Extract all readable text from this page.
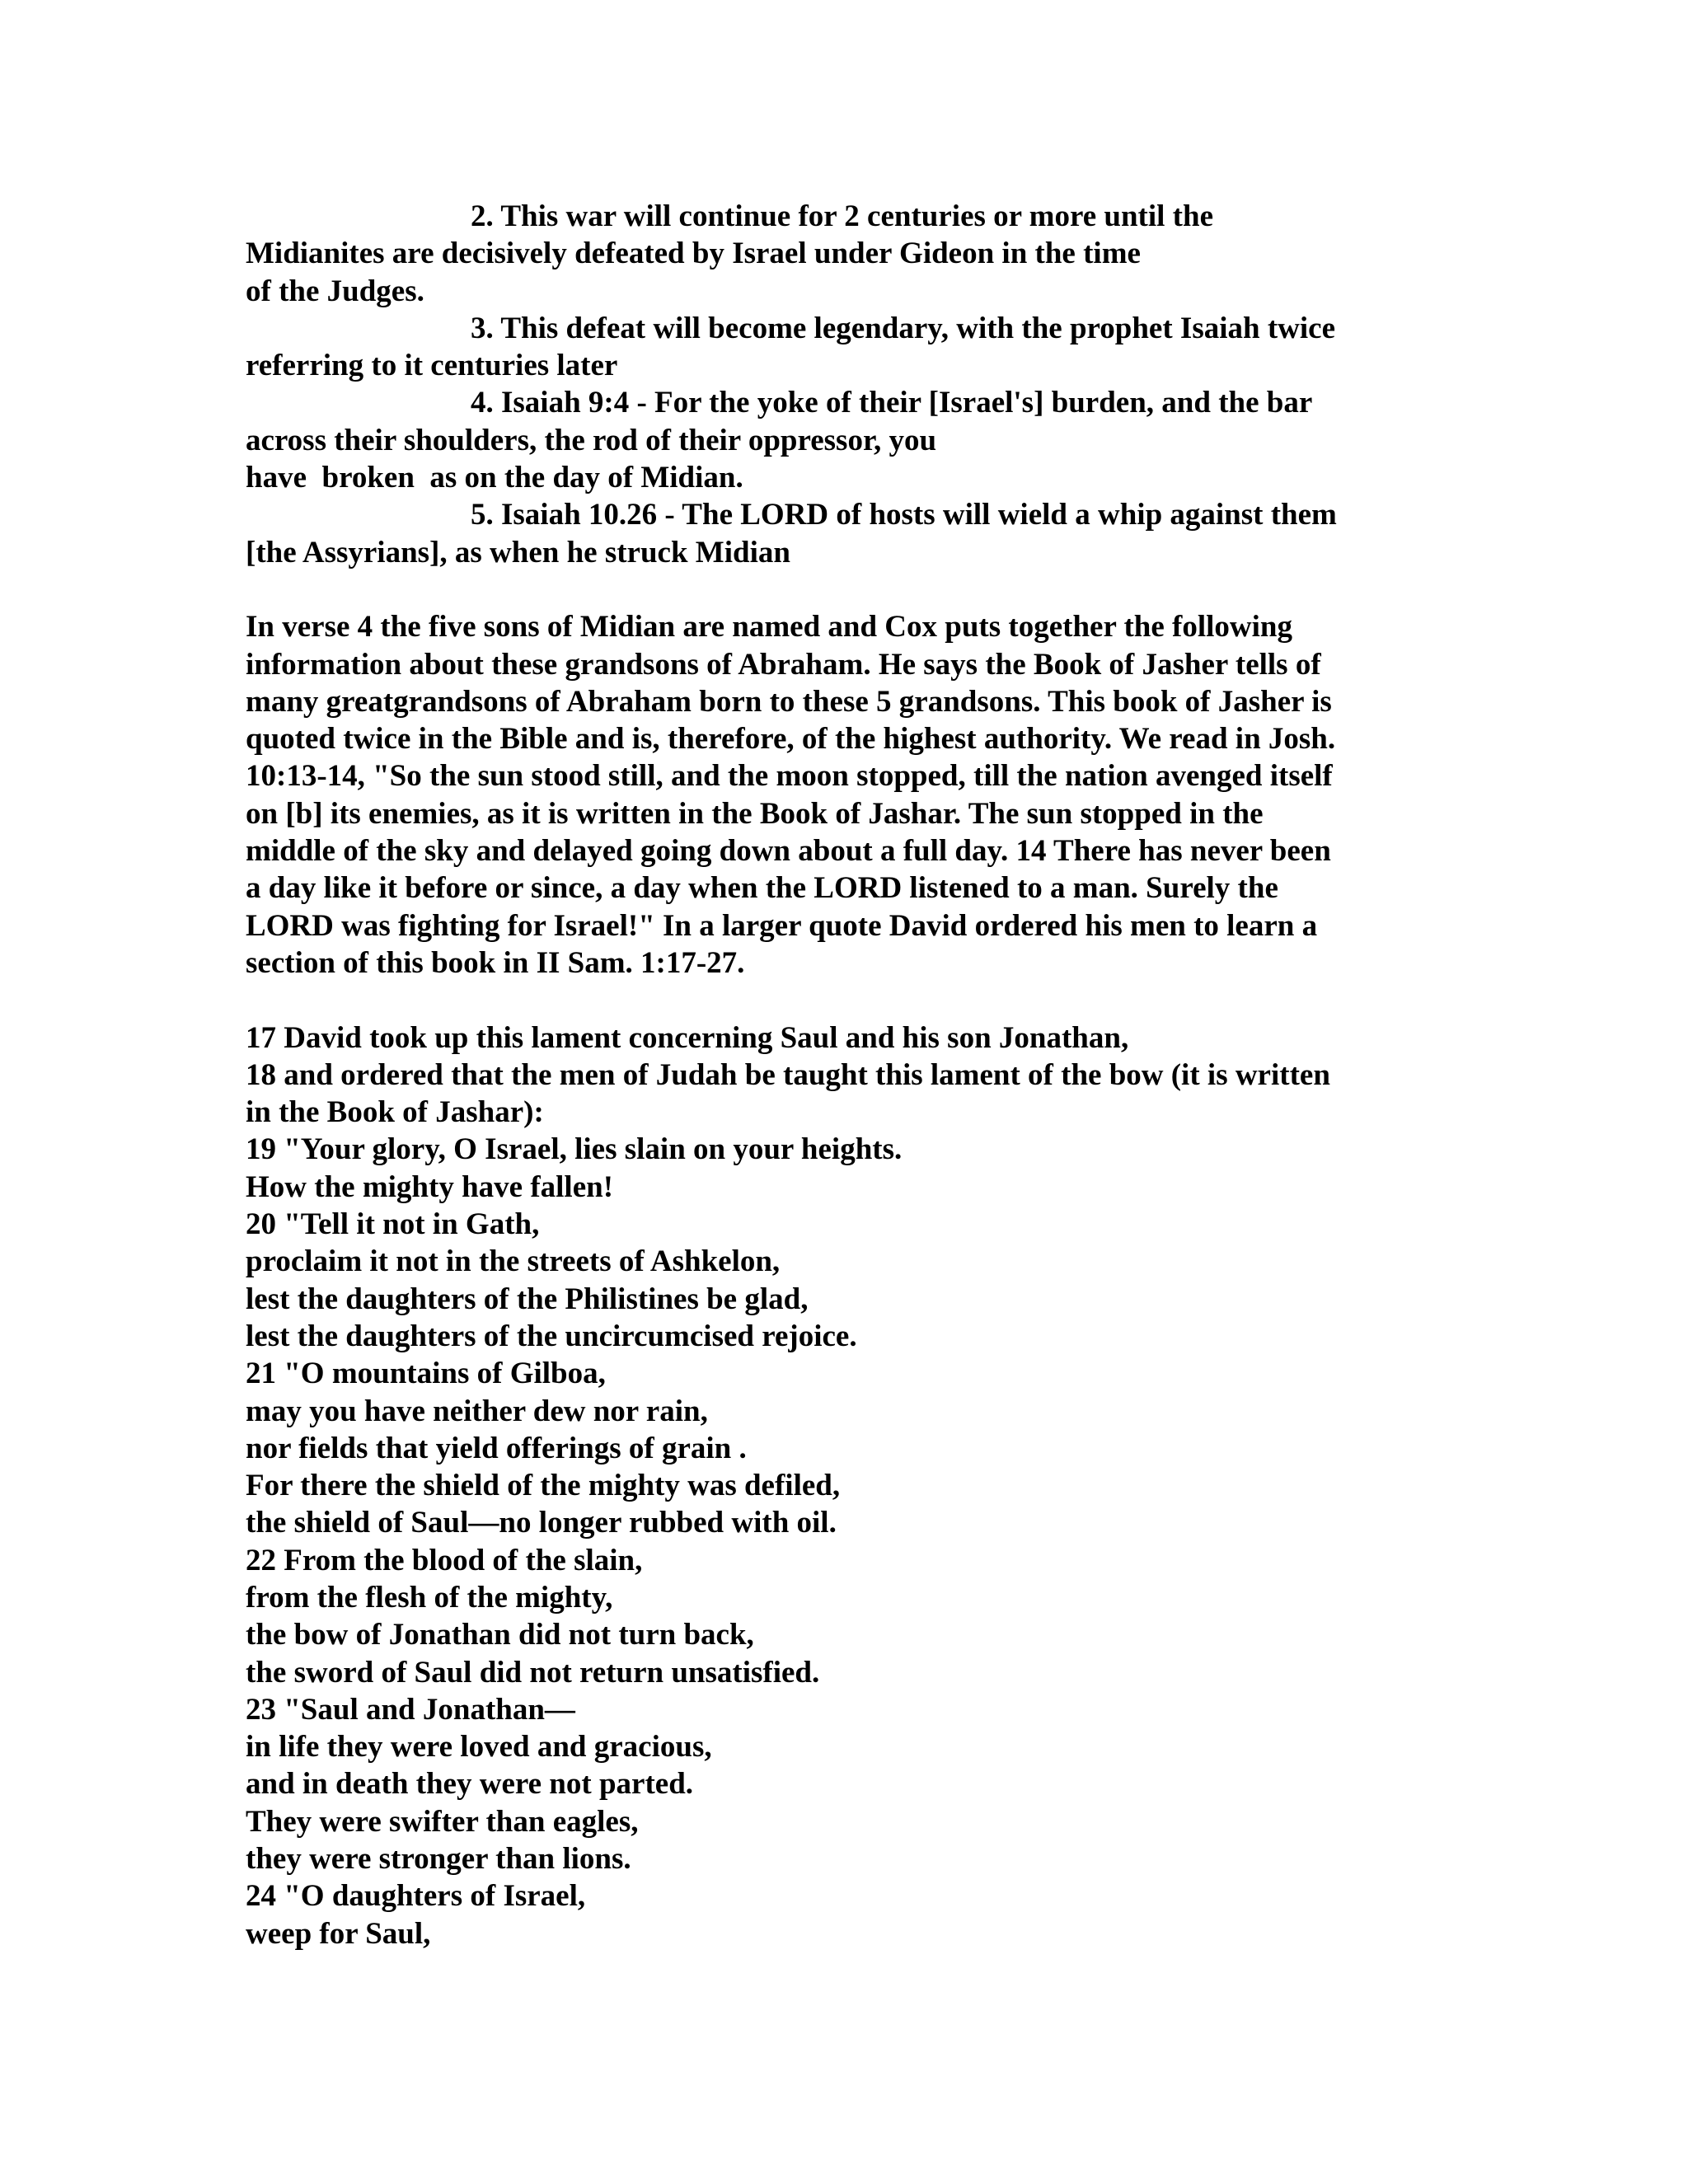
2. This war will continue for 2 centuries or more until the
Midianites are decisively defeated by Israel under Gideon in the time
of the Judges.
3. This defeat will become legendary, with the prophet Isaiah twice
referring to it centuries later
4. Isaiah 9:4 - For the yoke of their [Israel's] burden, and the bar
across their shoulders, the rod of their oppressor, you
have  broken  as on the day of Midian.
5. Isaiah 10.26 - The LORD of hosts will wield a whip against them
[the Assyrians], as when he struck Midian
In verse 4 the five sons of Midian are named and Cox puts together the following
information about these grandsons of Abraham. He says the Book of Jasher tells of
many greatgrandsons of Abraham born to these 5 grandsons. This book of Jasher is
quoted twice in the Bible and is, therefore, of the highest authority. We read in Josh.
10:13-14, "So the sun stood still, and the moon stopped, till the nation avenged itself
on [b] its enemies, as it is written in the Book of Jashar. The sun stopped in the
middle of the sky and delayed going down about a full day. 14 There has never been
a day like it before or since, a day when the LORD listened to a man. Surely the
LORD was fighting for Israel!" In a larger quote David ordered his men to learn a
section of this book in II Sam. 1:17-27.
17 David took up this lament concerning Saul and his son Jonathan,
18 and ordered that the men of Judah be taught this lament of the bow (it is written
in the Book of Jashar):
19 "Your glory, O Israel, lies slain on your heights.
How the mighty have fallen!
20 "Tell it not in Gath,
proclaim it not in the streets of Ashkelon,
lest the daughters of the Philistines be glad,
lest the daughters of the uncircumcised rejoice.
21 "O mountains of Gilboa,
may you have neither dew nor rain,
nor fields that yield offerings of grain .
For there the shield of the mighty was defiled,
the shield of Saul—no longer rubbed with oil.
22 From the blood of the slain,
from the flesh of the mighty,
the bow of Jonathan did not turn back,
the sword of Saul did not return unsatisfied.
23 "Saul and Jonathan—
in life they were loved and gracious,
and in death they were not parted.
They were swifter than eagles,
they were stronger than lions.
24 "O daughters of Israel,
weep for Saul,
